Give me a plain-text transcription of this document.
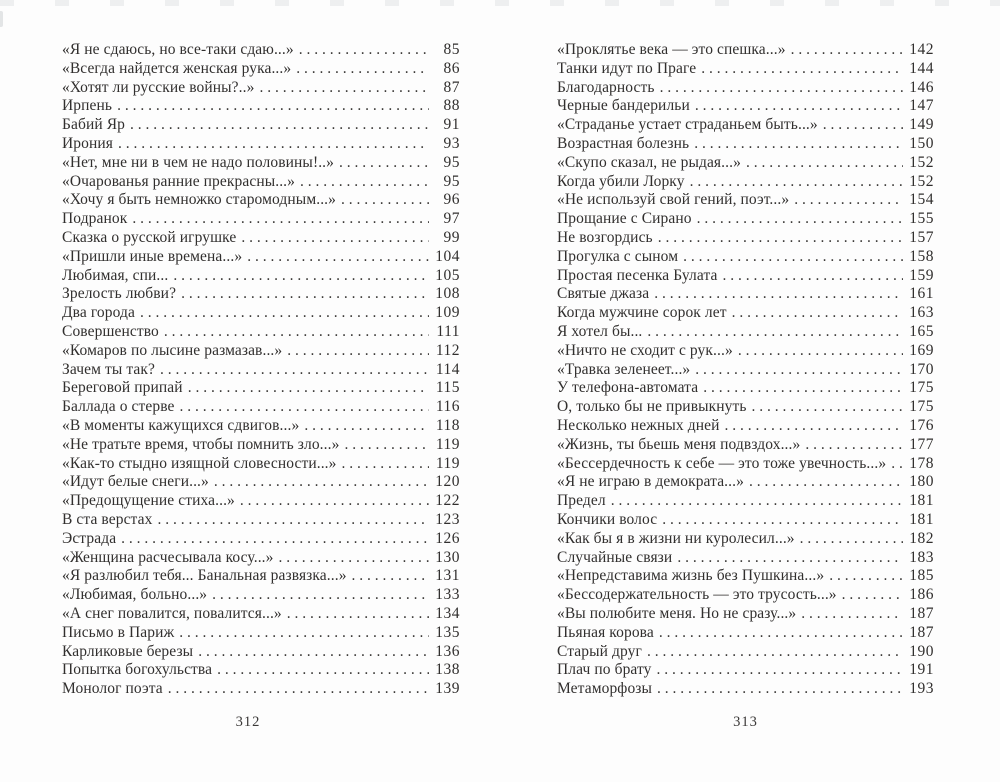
«Я не сдаюсь, но все-таки сдаю...» . . .	85
«Всегда найдется женская рука...» . . .	86
«Хотят ли русские войны?..» . . .	87
Ирпень . . .	88
Бабий Яр . . .	91
Ирония . . .	93
«Нет, мне ни в чем не надо половины!..» . . .	95
«Очарованья ранние прекрасны...» . . .	95
«Хочу я быть немножко старомодным...» . . .	96
Подранок . . .	97
Сказка о русской игрушке . . .	99
«Пришли иные времена...» . . .	104
Любимая, спи... . . .	105
Зрелость любви? . . .	108
Два города . . .	109
Совершенство . . .	111
«Комаров по лысине размазав...» . . .	112
Зачем ты так? . . .	114
Береговой припай . . .	115
Баллада о стерве . . .	116
«В моменты кажущихся сдвигов...» . . .	118
«Не тратьте время, чтобы помнить зло...» . . .	119
«Как-то стыдно изящной словесности...» . . .	119
«Идут белые снеги...» . . .	120
«Предощущение стиха...» . . .	122
В ста верстах . . .	123
Эстрада . . .	126
«Женщина расчесывала косу...» . . .	130
«Я разлюбил тебя... Банальная развязка...» . . .	131
«Любимая, больно...» . . .	133
«А снег повалится, повалится...» . . .	134
Письмо в Париж . . .	135
Карликовые березы . . .	136
Попытка богохульства . . .	138
Монолог поэта . . .	139
312
«Проклятье века — это спешка...» . . .	142
Танки идут по Праге . . .	144
Благодарность . . .	146
Черные бандерильи . . .	147
«Страданье устает страданьем быть...» . . .	149
Возрастная болезнь . . .	150
«Скупо сказал, не рыдая...» . . .	152
Когда убили Лорку . . .	152
«Не используй свой гений, поэт...» . . .	154
Прощание с Сирано . . .	155
Не возгордись . . .	157
Прогулка с сыном . . .	158
Простая песенка Булата . . .	159
Святые джаза . . .	161
Когда мужчине сорок лет . . .	163
Я хотел бы... . . .	165
«Ничто не сходит с рук...» . . .	169
«Травка зеленеет...» . . .	170
У телефона-автомата . . .	175
О, только бы не привыкнуть . . .	175
Несколько нежных дней . . .	176
«Жизнь, ты бьешь меня подвздох...» . . .	177
«Бессердечность к себе — это тоже увечность...» . . .	178
«Я не играю в демократа...» . . .	180
Предел . . .	181
Кончики волос . . .	181
«Как бы я в жизни ни куролесил...» . . .	182
Случайные связи . . .	183
«Непредставима жизнь без Пушкина...» . . .	185
«Бессодержательность — это трусость...» . . .	186
«Вы полюбите меня. Но не сразу...» . . .	187
Пьяная корова . . .	187
Старый друг . . .	190
Плач по брату . . .	191
Метаморфозы . . .	193
313
